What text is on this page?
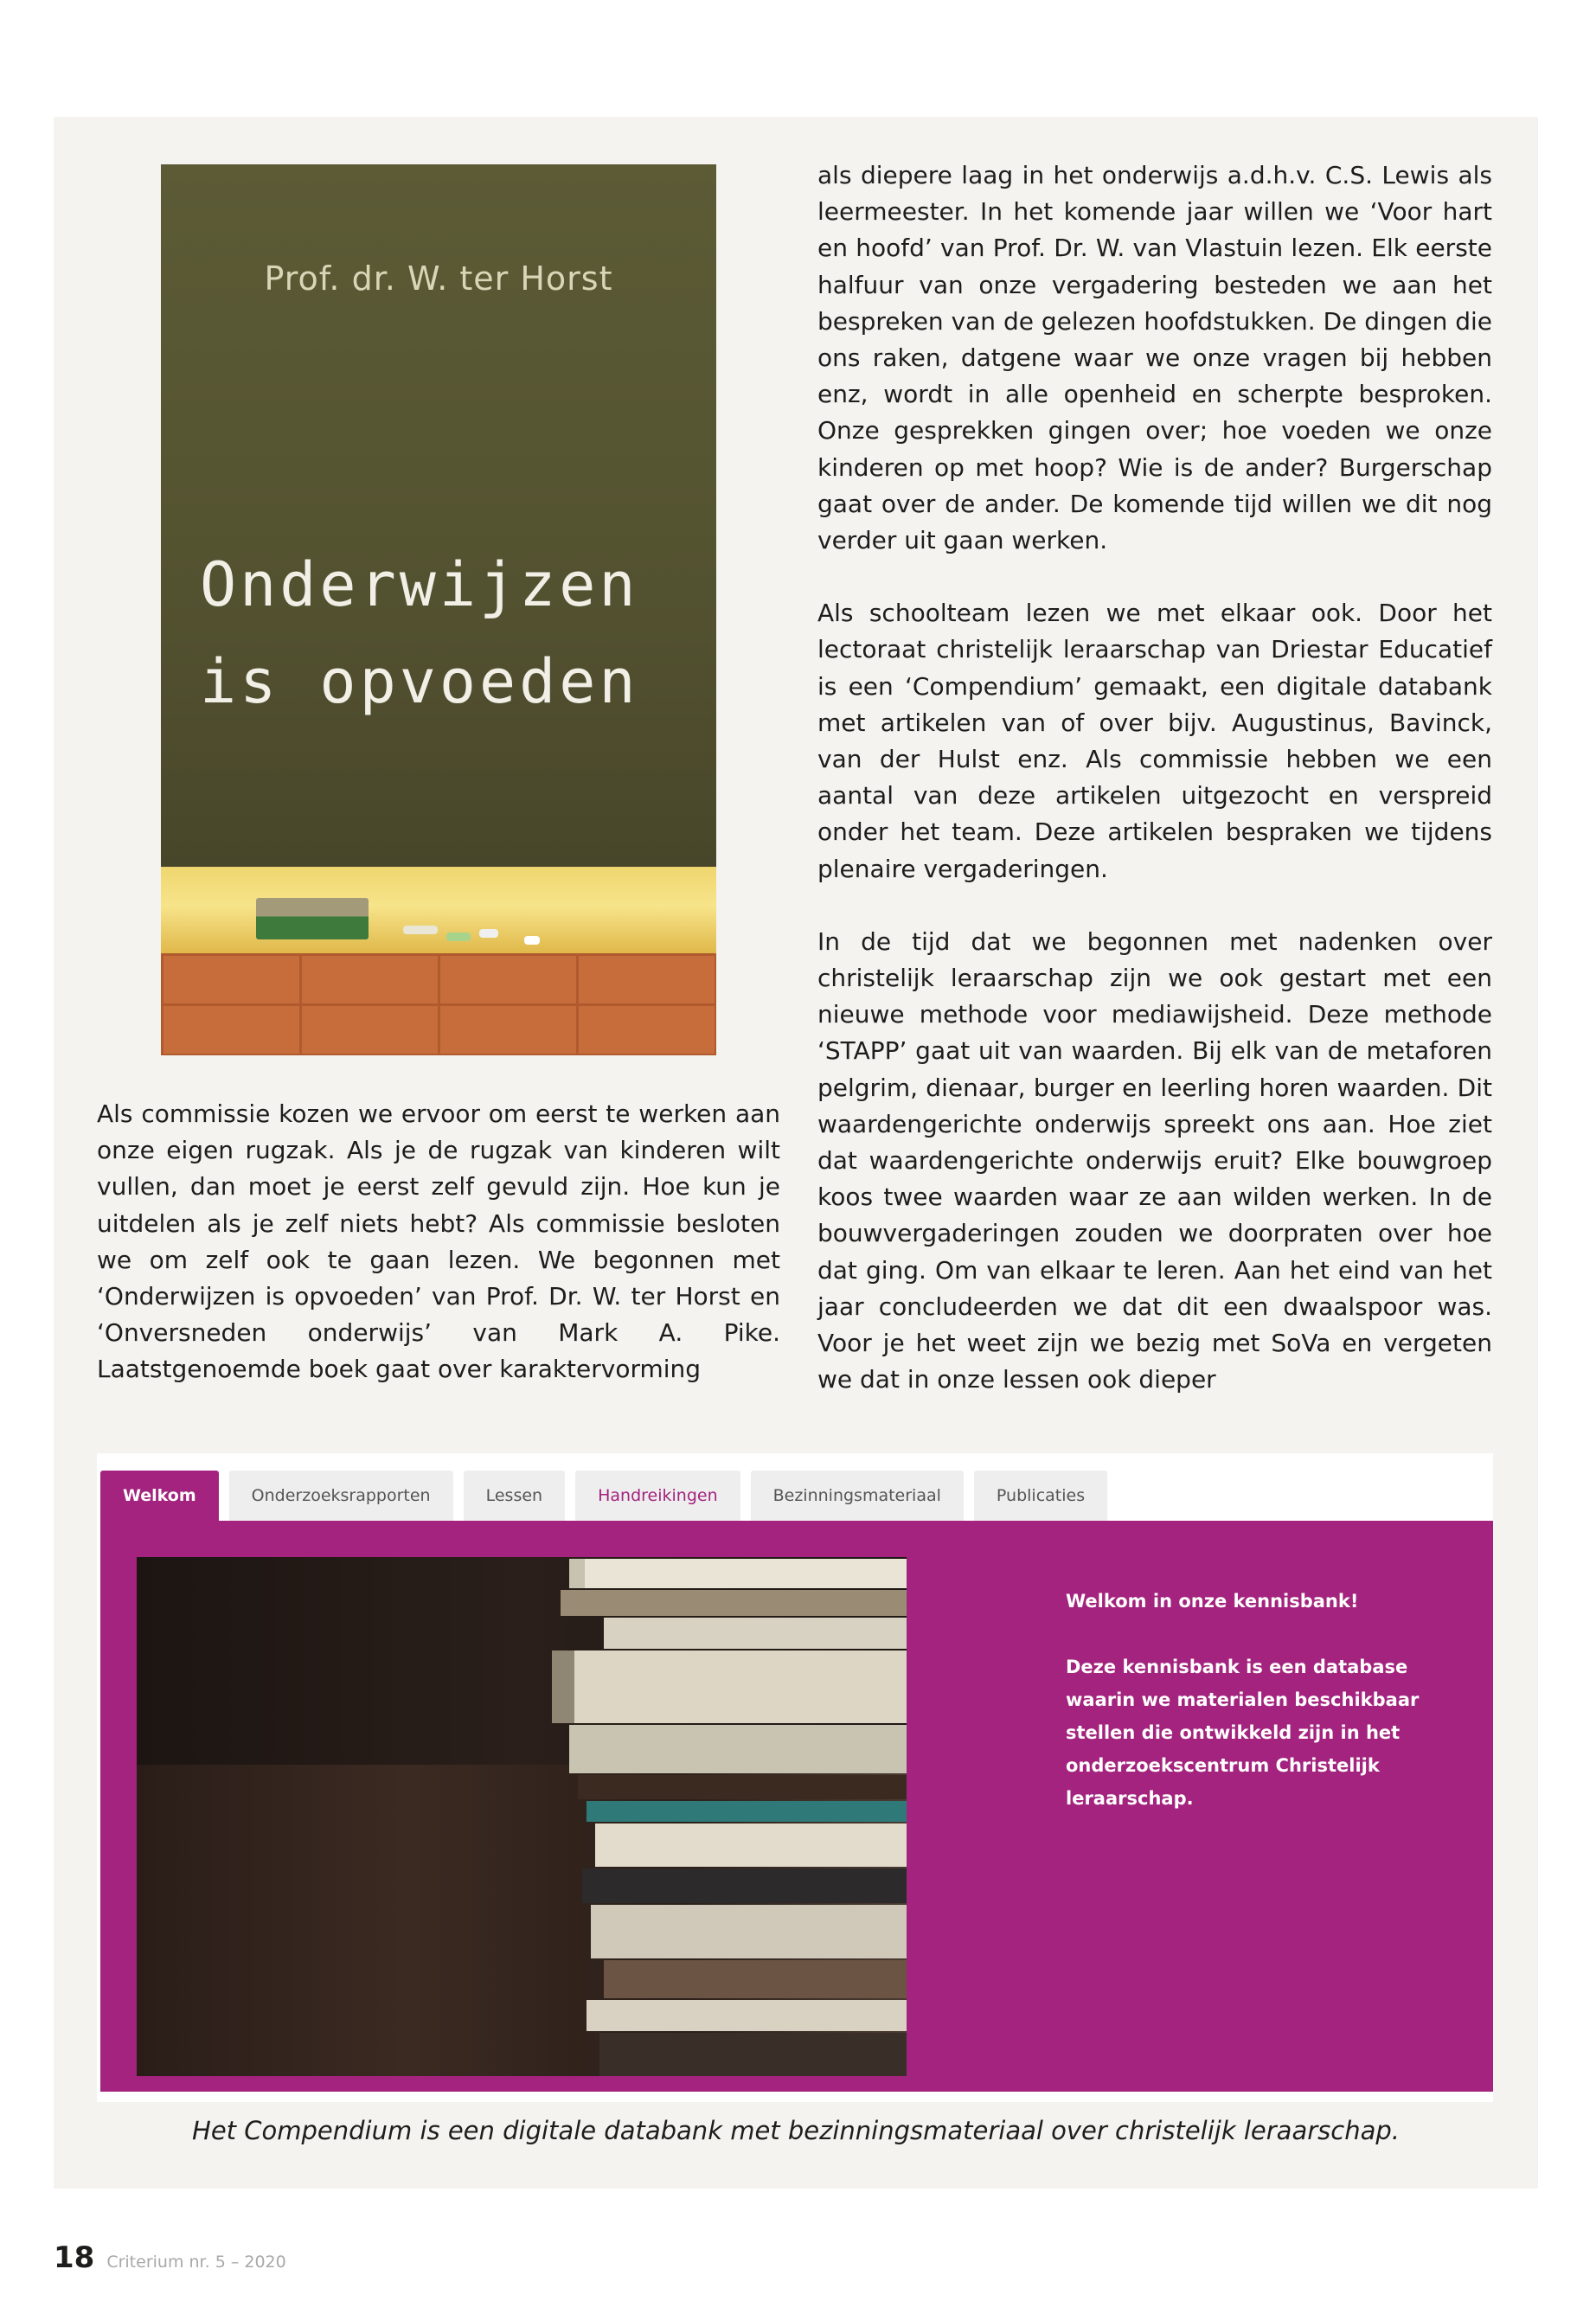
Prof. dr. W. ter Horst
Onderwijzen
is opvoeden

als diepere laag in het onderwijs a.d.h.v. C.S. Lewis als leermeester. In het komende jaar willen we ‘Voor hart en hoofd’ van Prof. Dr. W. van Vlastuin lezen. Elk eerste halfuur van onze vergadering besteden we aan het bespreken van de gelezen hoofdstukken. De dingen die ons raken, datgene waar we onze vragen bij hebben enz, wordt in alle openheid en scherpte besproken. Onze gesprekken gingen over; hoe voeden we onze kinderen op met hoop? Wie is de ander? Burgerschap gaat over de ander. De komende tijd willen we dit nog verder uit gaan werken.

Als schoolteam lezen we met elkaar ook. Door het lectoraat christelijk leraarschap van Driestar Educatief is een ‘Compendium’ gemaakt, een digitale databank met artikelen van of over bijv. Augustinus, Bavinck, van der Hulst enz. Als commissie hebben we een aantal van deze artikelen uitgezocht en verspreid onder het team. Deze artikelen bespraken we tijdens plenaire vergaderingen.

In de tijd dat we begonnen met nadenken over christelijk leraarschap zijn we ook gestart met een nieuwe methode voor mediawijsheid. Deze methode ‘STAPP’ gaat uit van waarden. Bij elk van de metaforen pelgrim, dienaar, burger en leerling horen waarden. Dit waardengerichte onderwijs spreekt ons aan. Hoe ziet dat waardengerichte onderwijs eruit? Elke bouwgroep koos twee waarden waar ze aan wilden werken. In de bouwvergaderingen zouden we doorpraten over hoe dat ging. Om van elkaar te leren. Aan het eind van het jaar concludeerden we dat dit een dwaalspoor was. Voor je het weet zijn we bezig met SoVa en vergeten we dat in onze lessen ook dieper

Als commissie kozen we ervoor om eerst te werken aan onze eigen rugzak. Als je de rugzak van kinderen wilt vullen, dan moet je eerst zelf gevuld zijn. Hoe kun je uitdelen als je zelf niets hebt? Als commissie besloten we om zelf ook te gaan lezen. We begonnen met ‘Onderwijzen is opvoeden’ van Prof. Dr. W. ter Horst en ‘Onversneden onderwijs’ van Mark A. Pike. Laatstgenoemde boek gaat over karaktervorming

Welkom	Onderzoeksrapporten	Lessen	Handreikingen	Bezinningsmateriaal	Publicaties

Welkom in onze kennisbank!

Deze kennisbank is een database waarin we materialen beschikbaar stellen die ontwikkeld zijn in het onderzoekscentrum Christelijk leraarschap.

Het Compendium is een digitale databank met bezinningsmateriaal over christelijk leraarschap.
18 Criterium nr. 5 – 2020
